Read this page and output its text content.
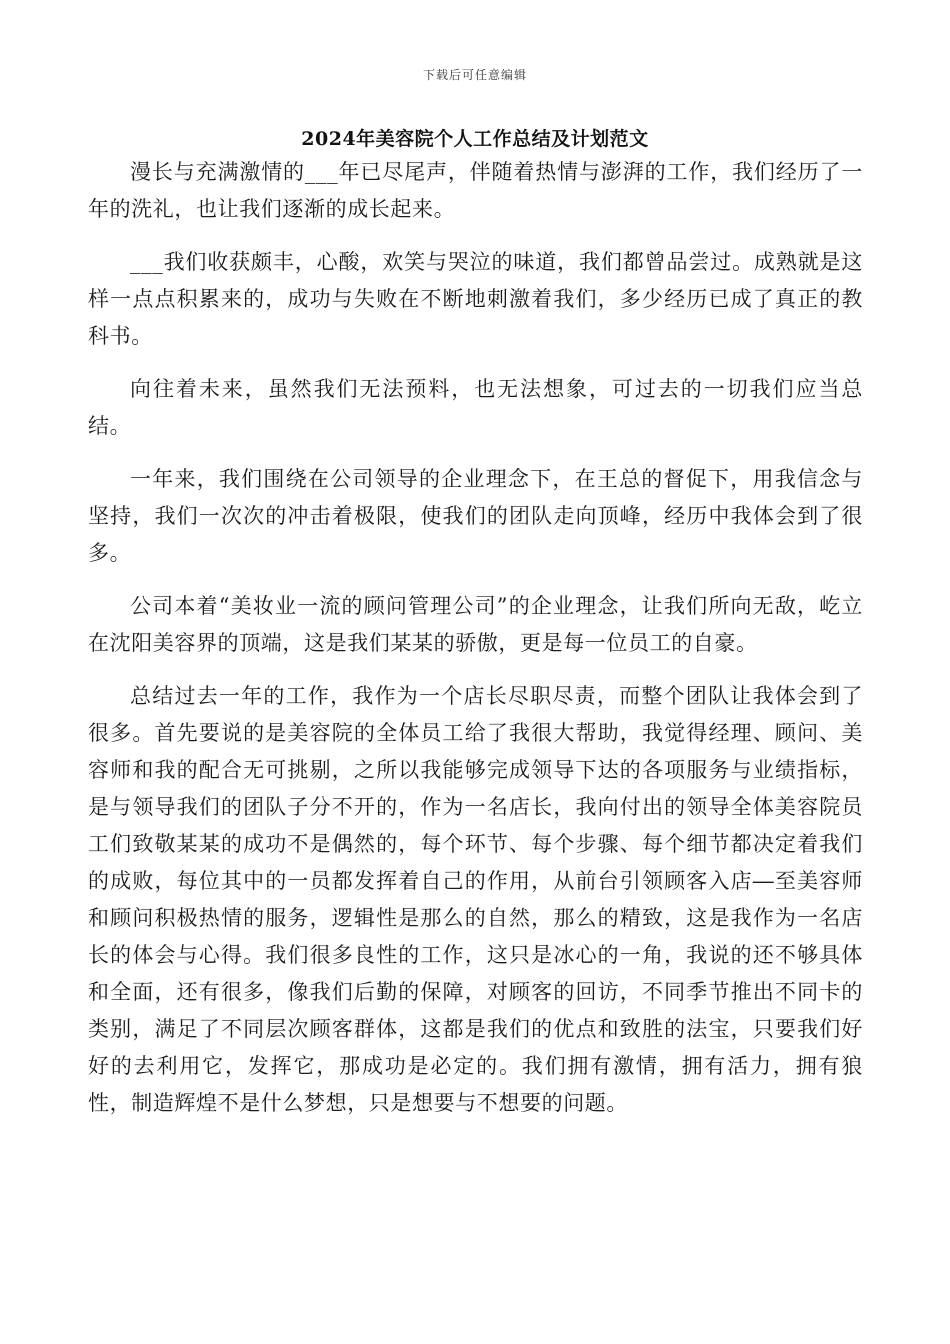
下载后可任意编辑
2024年美容院个人工作总结及计划范文

漫长与充满激情的___年已尽尾声，伴随着热情与澎湃的工作，我们经历了一年的洗礼，也让我们逐渐的成长起来。

___我们收获颇丰，心酸，欢笑与哭泣的味道，我们都曾品尝过。成熟就是这样一点点积累来的，成功与失败在不断地刺激着我们，多少经历已成了真正的教科书。

向往着未来，虽然我们无法预料，也无法想象，可过去的一切我们应当总结。

一年来，我们围绕在公司领导的企业理念下，在王总的督促下，用我信念与坚持，我们一次次的冲击着极限，使我们的团队走向顶峰，经历中我体会到了很多。

公司本着“美妆业一流的顾问管理公司”的企业理念，让我们所向无敌，屹立在沈阳美容界的顶端，这是我们某某的骄傲，更是每一位员工的自豪。

总结过去一年的工作，我作为一个店长尽职尽责，而整个团队让我体会到了很多。首先要说的是美容院的全体员工给了我很大帮助，我觉得经理、顾问、美容师和我的配合无可挑剔，之所以我能够完成领导下达的各项服务与业绩指标，是与领导我们的团队子分不开的，作为一名店长，我向付出的领导全体美容院员工们致敬某某的成功不是偶然的，每个环节、每个步骤、每个细节都决定着我们的成败，每位其中的一员都发挥着自己的作用，从前台引领顾客入店―至美容师和顾问积极热情的服务，逻辑性是那么的自然，那么的精致，这是我作为一名店长的体会与心得。我们很多良性的工作，这只是冰心的一角，我说的还不够具体和全面，还有很多，像我们后勤的保障，对顾客的回访，不同季节推出不同卡的类别，满足了不同层次顾客群体，这都是我们的优点和致胜的法宝，只要我们好好的去利用它，发挥它，那成功是必定的。我们拥有激情，拥有活力，拥有狼性，制造辉煌不是什么梦想，只是想要与不想要的问题。
